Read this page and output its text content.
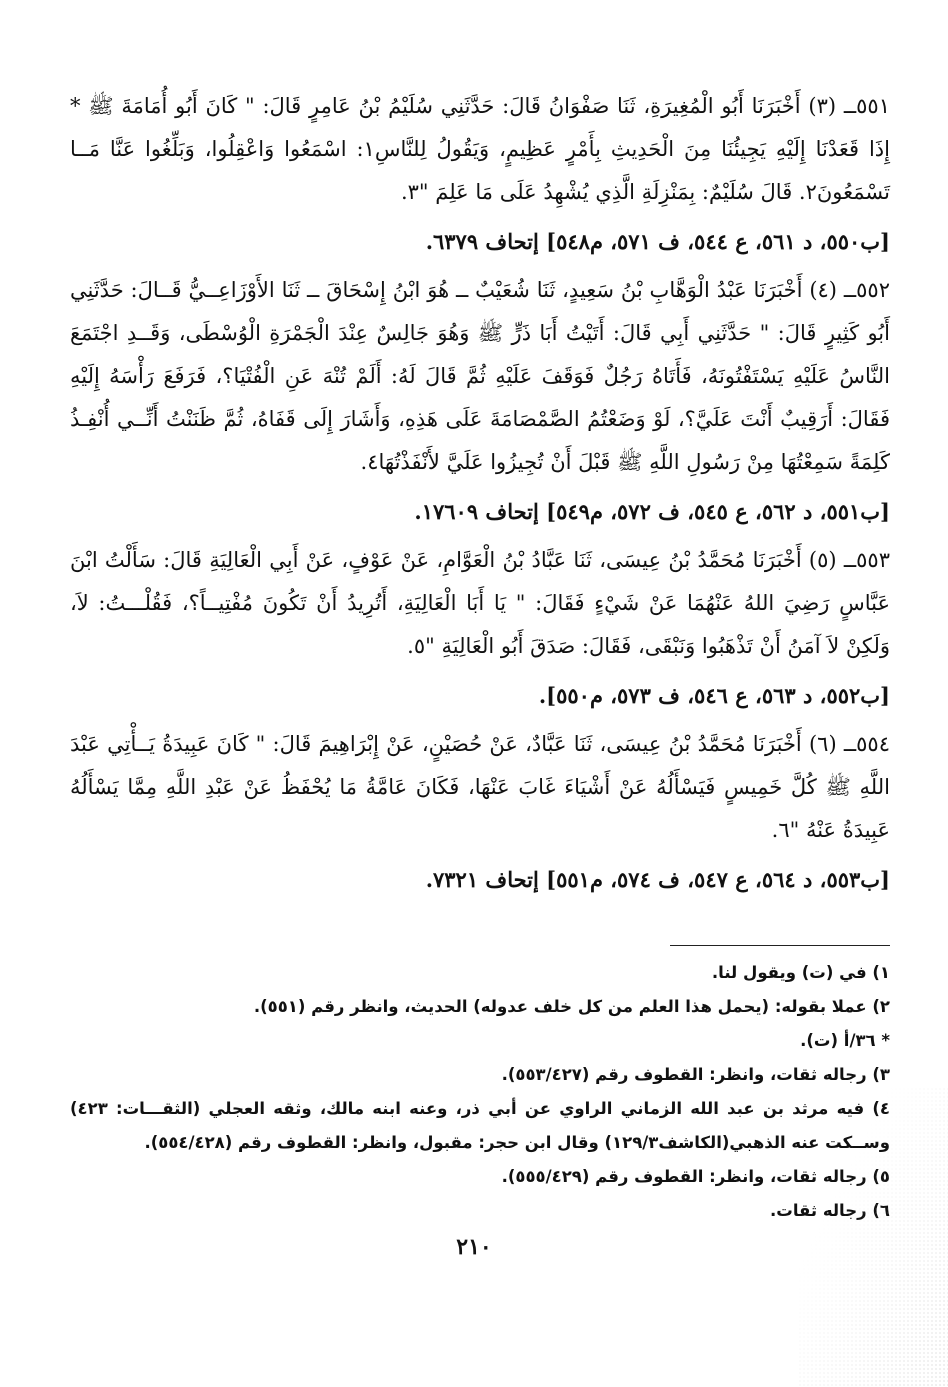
٥٥١ــ (٣) أَخْبَرَنَا أَبُو الْمُغِيرَةِ، ثَنَا صَفْوَانُ قَالَ: حَدَّثَنِي سُلَيْمُ بْنُ عَامِرٍ قَالَ: " كَانَ أَبُو أُمَامَةَ ﷺ * إِذَا قَعَدْنَا إِلَيْهِ يَجِيئُنَا مِنَ الْحَدِيثِ بِأَمْرٍ عَظِيمٍ، وَيَقُولُ لِلنَّاسِ١: اسْمَعُوا وَاعْقِلُوا، وَبَلِّغُوا عَنَّا مَــا تَسْمَعُونَ٢. قَالَ سُلَيْمٌ: بِمَنْزِلَةِ الَّذِي يُشْهِدُ عَلَى مَا عَلِمَ "٣.

[ب٥٥٠، د ٥٦١، ع ٥٤٤، ف ٥٧١، م٥٤٨] إتحاف ٦٣٧٩.

٥٥٢ــ (٤) أَخْبَرَنَا عَبْدُ الْوَهَّابِ بْنُ سَعِيدٍ، ثَنَا شُعَيْبٌ ــ هُوَ ابْنُ إِسْحَاقَ ــ ثَنَا الأَوْزَاعِــيُّ قَــالَ: حَدَّثَنِي أَبُو كَثِيرٍ قَالَ: " حَدَّثَنِي أَبِي قَالَ: أَتَيْتُ أَبَا ذَرٍّ ﷺ وَهُوَ جَالِسٌ عِنْدَ الْجَمْرَةِ الْوُسْطَى، وَقَــدِ اجْتَمَعَ النَّاسُ عَلَيْهِ يَسْتَفْتُونَهُ، فَأَتَاهُ رَجُلٌ فَوَقَفَ عَلَيْهِ ثُمَّ قَالَ لَهُ: أَلَمْ تُنْهَ عَنِ الْفُتْيَا؟، فَرَفَعَ رَأْسَهُ إِلَيْهِ فَقَالَ: أَرَقِيبٌ أَنْتَ عَلَيَّ؟، لَوْ وَضَعْتُمُ الصَّمْصَامَةَ عَلَى هَذِهِ، وَأَشَارَ إِلَى قَفَاهُ، ثُمَّ ظَنَنْتُ أَنِّــي أُنْفِـذُ كَلِمَةً سَمِعْتُهَا مِنْ رَسُولِ اللَّهِ ﷺ قَبْلَ أَنْ تُجِيزُوا عَلَيَّ لأَنْفَذْتُهَا٤.

[ب٥٥١، د ٥٦٢، ع ٥٤٥، ف ٥٧٢، م٥٤٩] إتحاف ١٧٦٠٩.

٥٥٣ــ (٥) أَخْبَرَنَا مُحَمَّدُ بْنُ عِيسَى، ثَنَا عَبَّادُ بْنُ الْعَوَّامِ، عَنْ عَوْفٍ، عَنْ أَبِي الْعَالِيَةِ قَالَ: سَأَلْتُ ابْنَ عَبَّاسٍ رَضِيَ اللهُ عَنْهُمَا عَنْ شَيْءٍ فَقَالَ: " يَا أَبَا الْعَالِيَةِ، أَتُرِيدُ أَنْ تَكُونَ مُفْتِيــاً؟، فَقُلْـــتُ: لاَ، وَلَكِنْ لاَ آمَنُ أَنْ تَذْهَبُوا وَنَبْقَى، فَقَالَ: صَدَقَ أَبُو الْعَالِيَةِ "٥.

[ب٥٥٢، د ٥٦٣، ع ٥٤٦، ف ٥٧٣، م٥٥٠].

٥٥٤ــ (٦) أَخْبَرَنَا مُحَمَّدُ بْنُ عِيسَى، ثَنَا عَبَّادٌ، عَنْ حُصَيْنٍ، عَنْ إِبْرَاهِيمَ قَالَ: " كَانَ عَبِيدَةُ يَــأْتِي عَبْدَ اللَّهِ ﷺ كُلَّ خَمِيسٍ فَيَسْأَلُهُ عَنْ أَشْيَاءَ غَابَ عَنْهَا، فَكَانَ عَامَّةُ مَا يُحْفَظُ عَنْ عَبْدِ اللَّهِ مِمَّا يَسْأَلُهُ عَبِيدَةُ عَنْهُ "٦.

[ب٥٥٣، د ٥٦٤، ع ٥٤٧، ف ٥٧٤، م٥٥١] إتحاف ٧٣٢١.

١) في (ت) ويقول لنا.

٢) عملا بقوله: (يحمل هذا العلم من كل خلف عدوله) الحديث، وانظر رقم (٥٥١).

* ٣٦/أ (ت).

٣) رجاله ثقات، وانظر: القطوف رقم (٥٥٣/٤٢٧).

٤) فيه مرثد بن عبد الله الزماني الراوي عن أبي ذر، وعنه ابنه مالك، وثقه العجلي (الثقـــات: ٤٢٣) وســكت عنه الذهبي(الكاشف١٢٩/٣) وقال ابن حجر: مقبول، وانظر: القطوف رقم (٥٥٤/٤٢٨).

٥) رجاله ثقات، وانظر: القطوف رقم (٥٥٥/٤٢٩).

٦) رجاله ثقات.

٢١٠
